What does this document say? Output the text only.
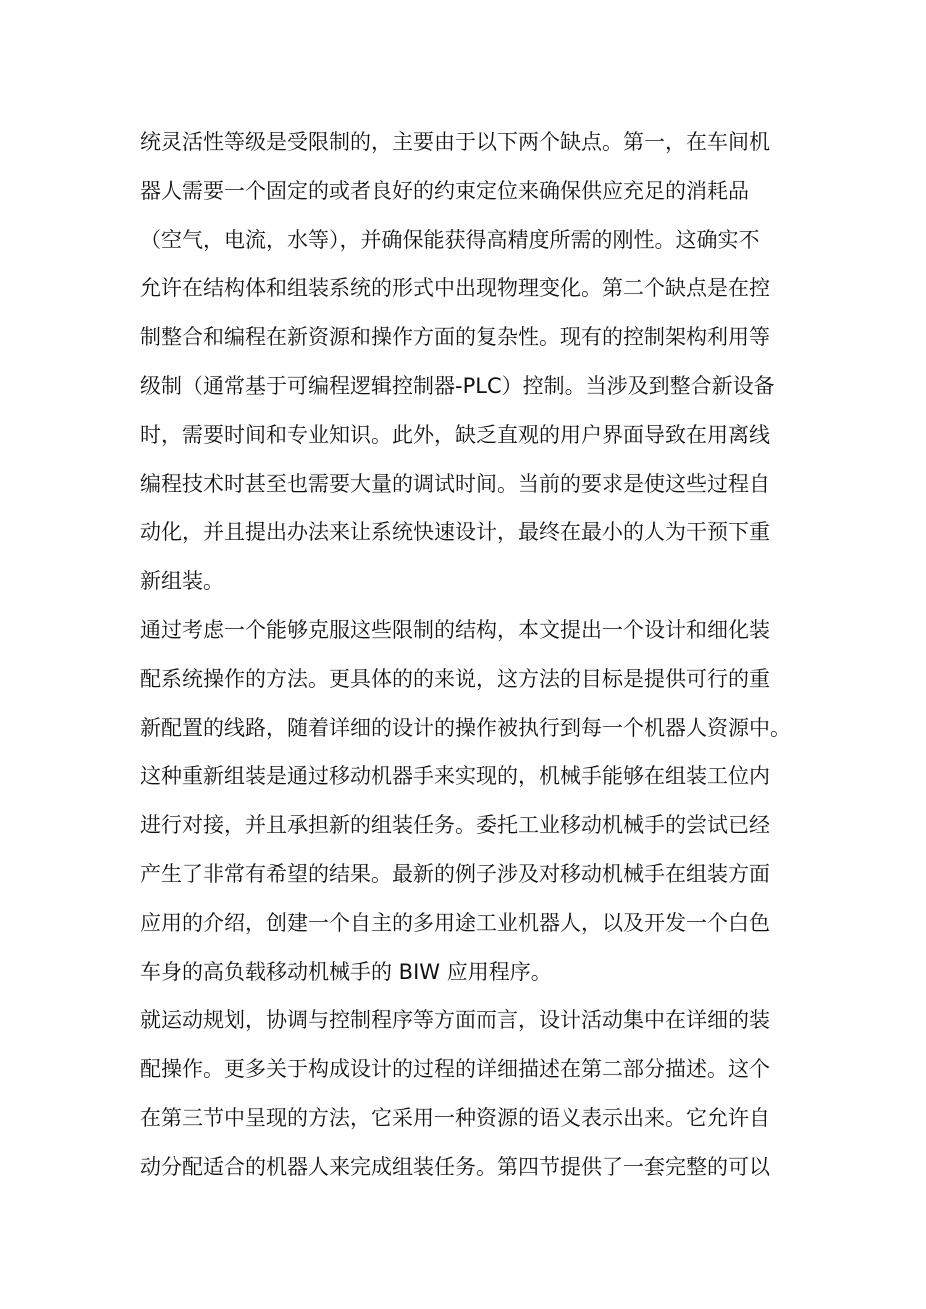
统灵活性等级是受限制的，主要由于以下两个缺点。第一，在车间机
器人需要一个固定的或者良好的约束定位来确保供应充足的消耗品
（空气，电流，水等），并确保能获得高精度所需的刚性。这确实不
允许在结构体和组装系统的形式中出现物理变化。第二个缺点是在控
制整合和编程在新资源和操作方面的复杂性。现有的控制架构利用等
级制（通常基于可编程逻辑控制器-PLC）控制。当涉及到整合新设备
时，需要时间和专业知识。此外，缺乏直观的用户界面导致在用离线
编程技术时甚至也需要大量的调试时间。当前的要求是使这些过程自
动化，并且提出办法来让系统快速设计，最终在最小的人为干预下重
新组装。
通过考虑一个能够克服这些限制的结构，本文提出一个设计和细化装
配系统操作的方法。更具体的的来说，这方法的目标是提供可行的重
新配置的线路，随着详细的设计的操作被执行到每一个机器人资源中。
这种重新组装是通过移动机器手来实现的，机械手能够在组装工位内
进行对接，并且承担新的组装任务。委托工业移动机械手的尝试已经
产生了非常有希望的结果。最新的例子涉及对移动机械手在组装方面
应用的介绍，创建一个自主的多用途工业机器人，以及开发一个白色
车身的高负载移动机械手的 BIW 应用程序。
就运动规划，协调与控制程序等方面而言，设计活动集中在详细的装
配操作。更多关于构成设计的过程的详细描述在第二部分描述。这个
在第三节中呈现的方法，它采用一种资源的语义表示出来。它允许自
动分配适合的机器人来完成组装任务。第四节提供了一套完整的可以
